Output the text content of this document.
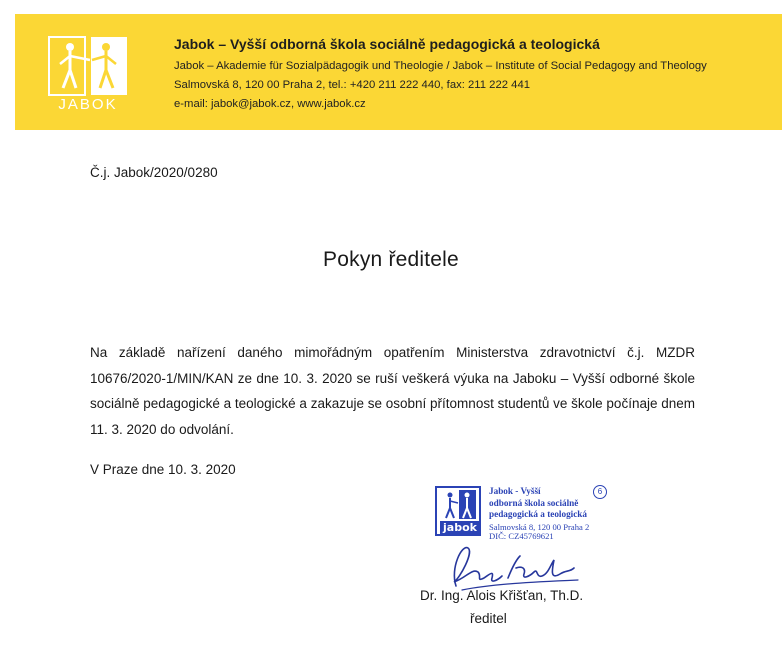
JABOK
Jabok – Vyšší odborná škola sociálně pedagogická a teologická
Jabok – Akademie für Sozialpädagogik und Theologie / Jabok – Institute of Social Pedagogy and Theology
Salmovská 8, 120 00 Praha 2, tel.: +420 211 222 440, fax: 211 222 441
e-mail: jabok@jabok.cz, www.jabok.cz
Č.j. Jabok/2020/0280
Pokyn ředitele
Na základě nařízení daného mimořádným opatřením Ministerstva zdravotnictví č.j. MZDR 10676/2020-1/MIN/KAN ze dne 10. 3. 2020 se ruší veškerá výuka na Jaboku – Vyšší odborné škole sociálně pedagogické a teologické a zakazuje se osobní přítomnost studentů ve škole počínaje dnem 11. 3. 2020 do odvolání.
V Praze dne 10. 3. 2020
jabok
Jabok - Vyšší	6
odborná škola sociálně
pedagogická a teologická
Salmovská 8, 120 00 Praha 2
DIČ: CZ45769621
Dr. Ing. Alois Křišťan, Th.D.
ředitel
